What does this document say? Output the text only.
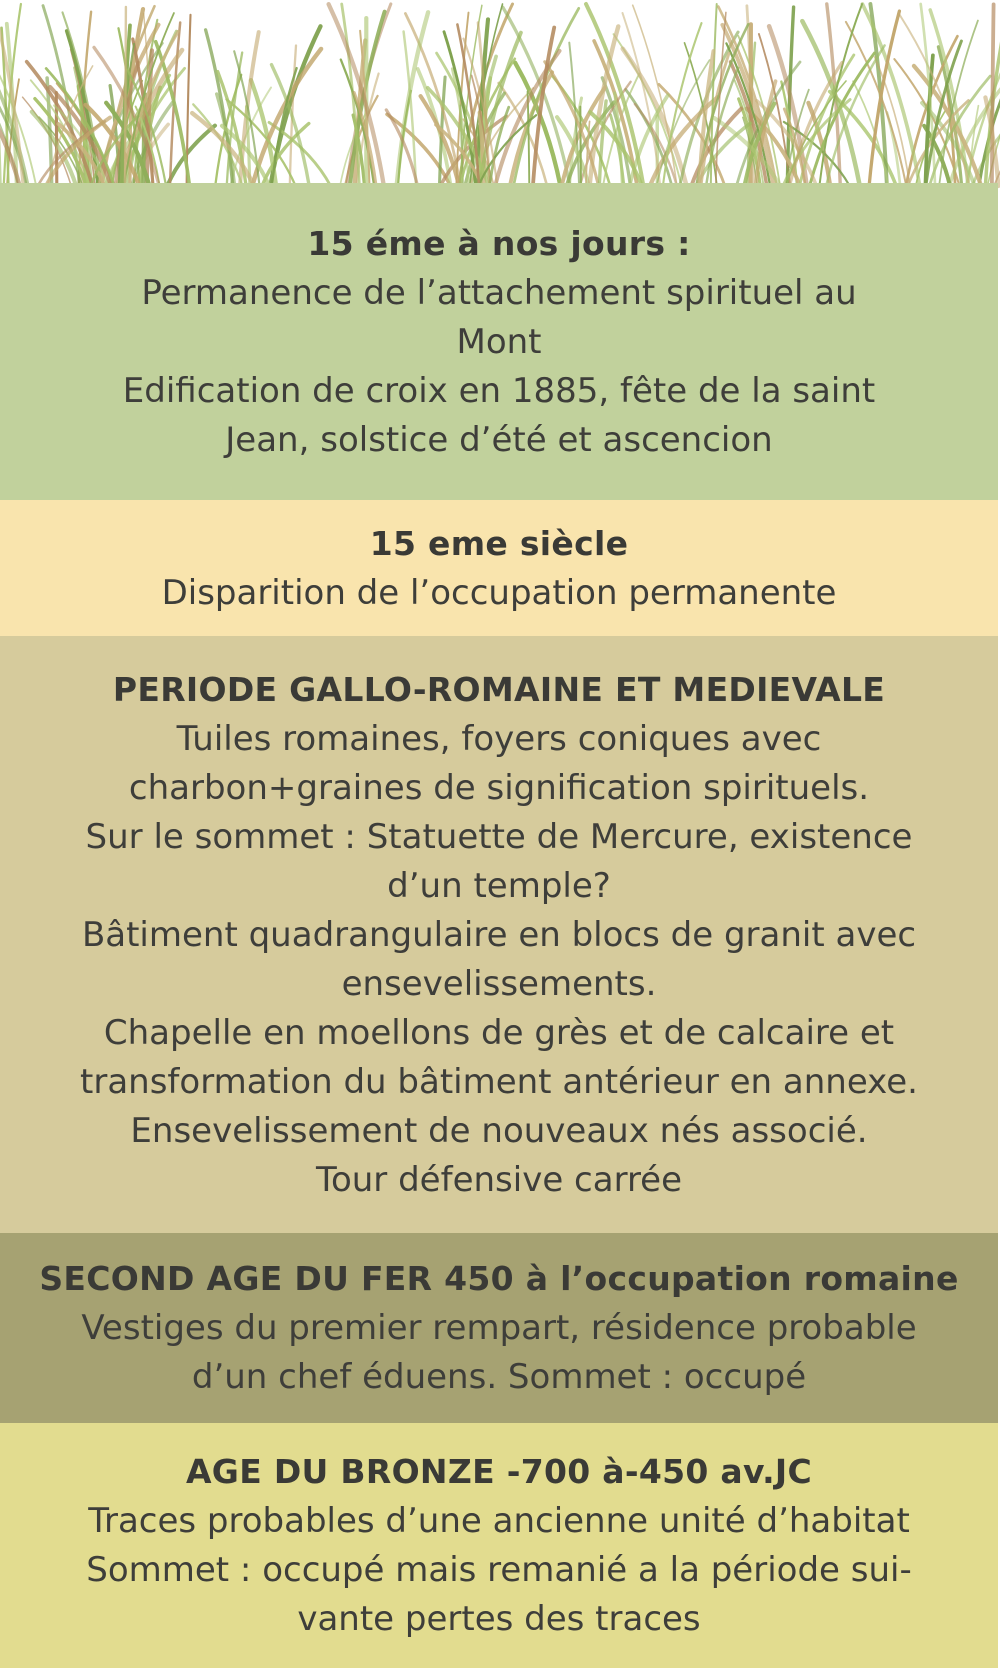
15 éme à nos jours :
Permanence de l’attachement spirituel au
Mont
Edification de croix en 1885, fête de la saint
Jean, solstice d’été et ascencion
15 eme siècle
Disparition de l’occupation permanente
PERIODE GALLO-ROMAINE ET MEDIEVALE
Tuiles romaines, foyers coniques avec
charbon+graines de signification spirituels.
Sur le sommet : Statuette de Mercure, existence
d’un temple?
Bâtiment quadrangulaire en blocs de granit avec
ensevelissements.
Chapelle en moellons de grès et de calcaire et
transformation du bâtiment antérieur en annexe.
Ensevelissement de nouveaux nés associé.
Tour défensive carrée
SECOND AGE DU FER 450 à l’occupation romaine
Vestiges du premier rempart, résidence probable
d’un chef éduens. Sommet : occupé
AGE DU BRONZE -700 à-450 av.JC
Traces probables d’une ancienne unité d’habitat
Sommet : occupé mais remanié a la période sui-
vante pertes des traces
